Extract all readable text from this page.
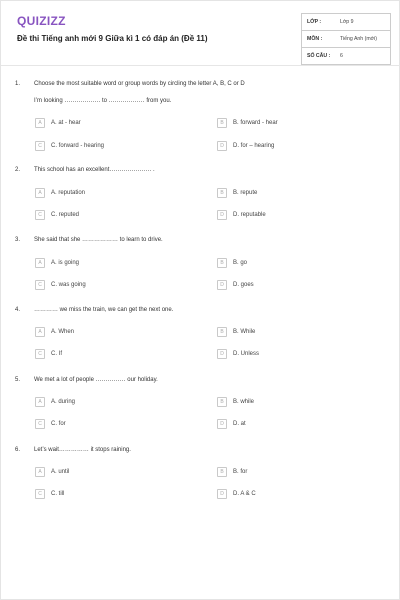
QUIZIZZ
Đề thi Tiếng anh mới 9 Giữa kì 1 có đáp án (Đề 11)
LỚP :	Lớp 9
MÔN :	Tiếng Anh (mới)
SỐ CÂU :	6
1. Choose the most suitable word or group words by circling the letter A, B, C or D
I’m looking ……………… to ……………… from you.
A	A. at - hear	B	B. forward - hear
C	C. forward - hearing	D	D. for – hearing
2. This school has an excellent………………… .
A	A. reputation	B	B. repute
C	C. reputed	D	D. reputable
3. She said that she ……………… to learn to drive.
A	A. is going	B	B. go
C	C. was going	D	D. goes
4. ………… we miss the train, we can get the next one.
A	A. When	B	B. While
C	C. If	D	D. Unless
5. We met a lot of people …………… our holiday.
A	A. during	B	B. while
C	C. for	D	D. at
6. Let’s wait…………… it stops raining.
A	A. until	B	B. for
C	C. till	D	D. A & C
